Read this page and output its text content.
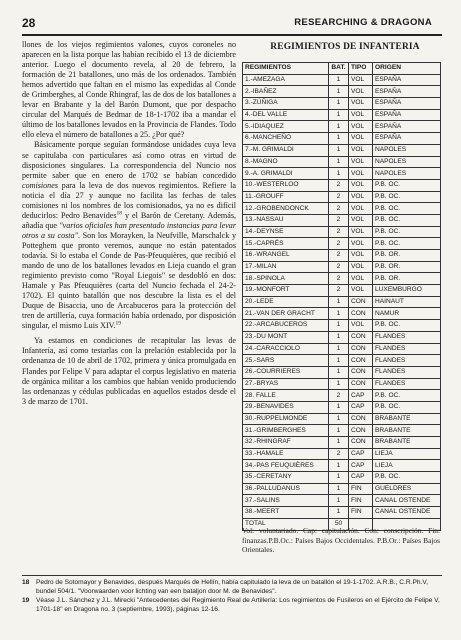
28	RESEARCHING & DRAGONA

llones de los viejos regimientos valones, cuyos coroneles no aparecen en la lista porque las habían recibido el 13 de diciembre anterior. Luego el documento revela, al 20 de febrero, la formación de 21 batallones, uno más de los ordenados. También hemos advertido que faltan en el mismo las expedidas al Conde de Grimberghes, al Conde Rhingraf, las de dos de los batallones a levar en Brabante y la del Barón Dumont, que por despacho circular del Marqués de Bedmar de 18-1-1702 iba a mandar el último de los batallones levados en la Provincia de Flandes. Todo ello eleva el número de batallones a 25. ¿Por qué?

Básicamente porque seguían formándose unidades cuya leva se capitulaba con particulares así como otras en virtud de disposiciones singulares. La correspondencia del Nuncio nos permite saber que en enero de 1702 se habían concedido comisiones para la leva de dos nuevos regimientos. Refiere la noticia el día 27 y aunque no facilita las fechas de tales comisiones ni los nombres de los comisionados, ya no es difícil deducirlos: Pedro Benavides$^{18}$ y el Barón de Ceretany. Además, añadía que "varios oficiales han presentado instancias para levar otros a su costa". Son los Morayken, la Neufville, Marschalck y Potteghem que pronto veremos, aunque no están patentados todavía. Si lo estaba el Conde de Pas-Pfeuquières, que recibió el mando de uno de los batallones levados en Lieja cuando el gran regimiento previsto como "Royal Liegois" se desdobló en dos: Hamale y Pas Pfeuquières (carta del Nuncio fechada el 24-2-1702). El quinto batallón que nos descubre la lista es el del Duque de Bisaccia, uno de Arcabuceros para la protección del tren de artillería, cuya formación había ordenado, por disposición singular, el mismo Luis XIV.$^{19}$

Ya estamos en condiciones de recapitular las levas de Infantería, así como testarlas con la prelación establecida por la ordenanza de 10 de abril de 1702, primera y única promulgada en Flandes por Felipe V para adaptar el corpus legislativo en materia de orgánica militar a los cambios que habían venido produciendo las ordenanzas y cédulas publicadas en aquellos estados desde el 3 de marzo de 1701.

REGIMIENTOS DE INFANTERIA
REGIMIENTOS	BAT.	TIPO	ORIGEN
1.-AMEZAGA	1	VOL	ESPAÑA
2.-IBAÑEZ	1	VOL	ESPAÑA
3.-ZÚÑIGA	1	VOL	ESPAÑA
4.-DEL VALLE	1	VOL	ESPAÑA
5.-IDIAQUEZ	1	VOL	ESPAÑA
6.-MANCHEÑO	1	VOL	ESPAÑA
7.-M. GRIMALDI	1	VOL	NAPOLES
8.-MAGNO	1	VOL	NAPOLES
9.-A. GRIMALDI	1	VOL	NAPOLES
10.-WESTERLOO	2	VOL	P.B. OC.
11.-GROUFF	2	VOL	P.B. OC.
12.-GROBENDONCK	2	VOL	P.B. OC.
13.-NASSAU	2	VOL	P.B. OC.
14.-DEYNSE	2	VOL	P.B. OC.
15.-CAPRÉS	2	VOL	P.B. OC.
16.-WRANGEL	2	VOL	P.B. OR.
17.-MILAN	2	VOL	P.B. OR.
18.-SPINOLA	2	VOL	P.B. OR.
19.-MONFORT	2	VOL	LUXEMBURGO
20.-LEDE	1	CON	HAINAUT
21.-VAN DER GRACHT	1	CON	NAMUR
22.-ARCABUCEROS	1	VOL	P.B. OC.
23.-DU MONT	1	CON	FLANDES
24.-CARACCIOLO	1	CON	FLANDES
25.-SARS	1	CON	FLANDES
26.-COURRIERES	1	CON	FLANDES
27.-BRYAS	1	CON	FLANDES
28. FALLE	2	CAP	P.B. OC.
29.-BENAVIDES	1	CAP	P.B. OC.
30.-RUPPELMONDE	1	CON	BRABANTE
31.-GRIMBERGHES	1	CON	BRABANTE
32.-RHINGRAF	1	CON	BRABANTE
33.-HAMALE	2	CAP	LIEJA
34.-PAS FEUQUIÈRES	1	CAP	LIEJA
35.-CERETANY	1	CAP	P.B. OC.
36.-PALLUDANUS	1	FIN	GUELDRES
37.-SALINS	1	FIN	CANAL OSTENDE
38.-MEERT	1	FIN	CANAL OSTENDE
TOTAL	50		
Vol: voluntariado. Cap: capitulación. Con: conscripción. Fin: finanzas.P.B.Oc.: Países Bajos Occidentales. P.B.Or.: Países Bajos Orientales.
18	Pedro de Sotomayor y Benavides, después Marqués de Hellín, había capitulado la leva de un batallón el 19-1-1702. A.R.B., C.R.Ph.V, bundel 504/1. "Voorwaarden voor lichting van een bataljon door M. de Benavides".
19	Véase J.L. Sánchez y J.L. Mirecki "Antecedentes del Regimiento Real de Artillería: Los regimientos de Fusileros en el Ejército de Felipe V, 1701-18" en Dragona no. 3 (septiembre, 1993), páginas 12-16.
